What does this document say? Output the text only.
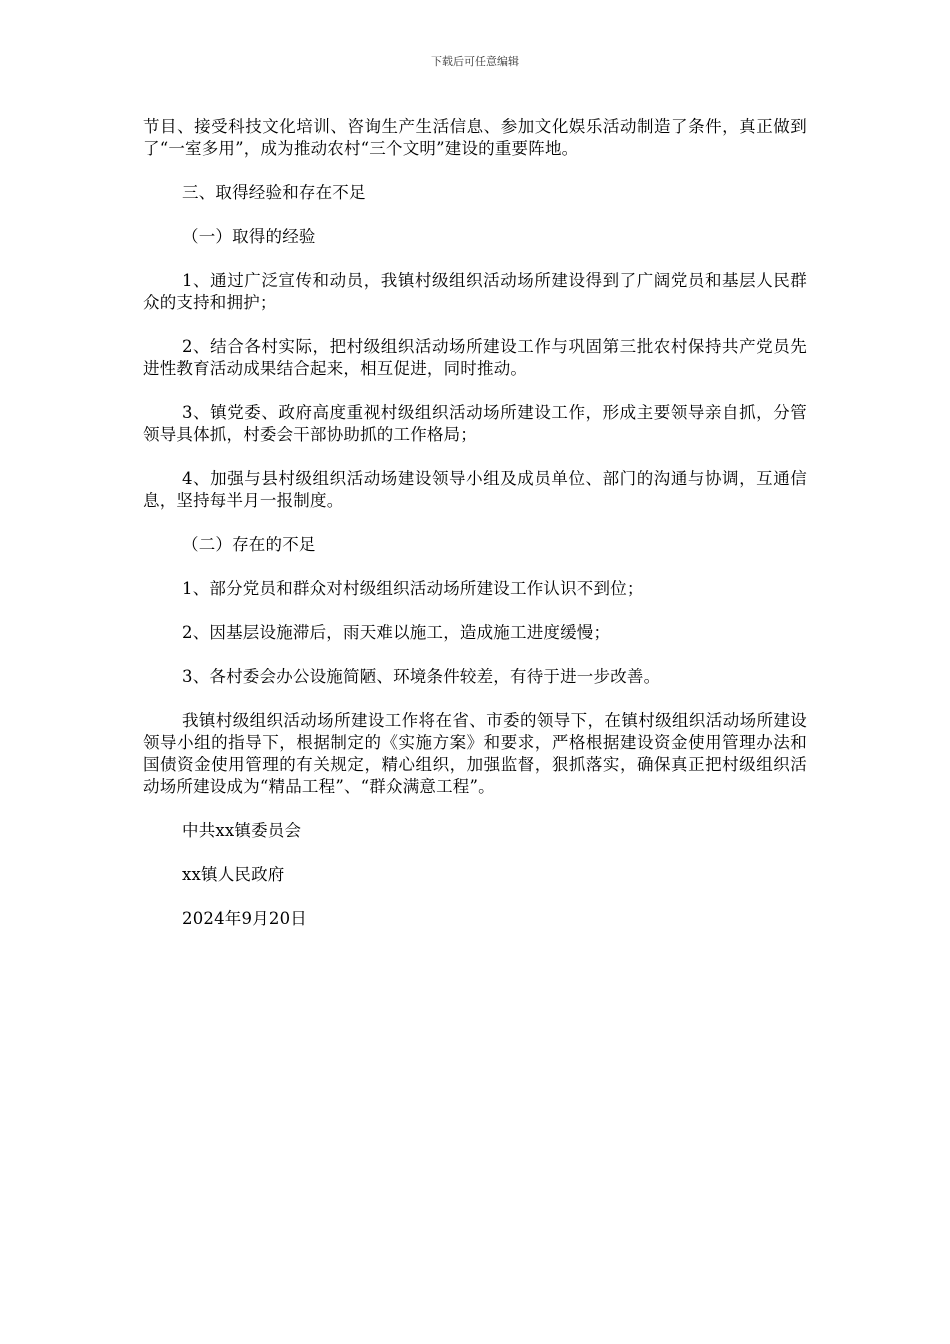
下载后可任意编辑

节目、接受科技文化培训、咨询生产生活信息、参加文化娱乐活动制造了条件，真正做到了“一室多用”，成为推动农村“三个文明”建设的重要阵地。

三、取得经验和存在不足

（一）取得的经验

1、通过广泛宣传和动员，我镇村级组织活动场所建设得到了广阔党员和基层人民群众的支持和拥护；

2、结合各村实际，把村级组织活动场所建设工作与巩固第三批农村保持共产党员先进性教育活动成果结合起来，相互促进，同时推动。

3、镇党委、政府高度重视村级组织活动场所建设工作，形成主要领导亲自抓，分管领导具体抓，村委会干部协助抓的工作格局；

4、加强与县村级组织活动场建设领导小组及成员单位、部门的沟通与协调，互通信息，坚持每半月一报制度。

（二）存在的不足

1、部分党员和群众对村级组织活动场所建设工作认识不到位；

2、因基层设施滞后，雨天难以施工，造成施工进度缓慢；

3、各村委会办公设施简陋、环境条件较差，有待于进一步改善。

我镇村级组织活动场所建设工作将在省、市委的领导下，在镇村级组织活动场所建设领导小组的指导下，根据制定的《实施方案》和要求，严格根据建设资金使用管理办法和国债资金使用管理的有关规定，精心组织，加强监督，狠抓落实，确保真正把村级组织活动场所建设成为“精品工程”、“群众满意工程”。

中共xx镇委员会

xx镇人民政府

2024年9月20日
